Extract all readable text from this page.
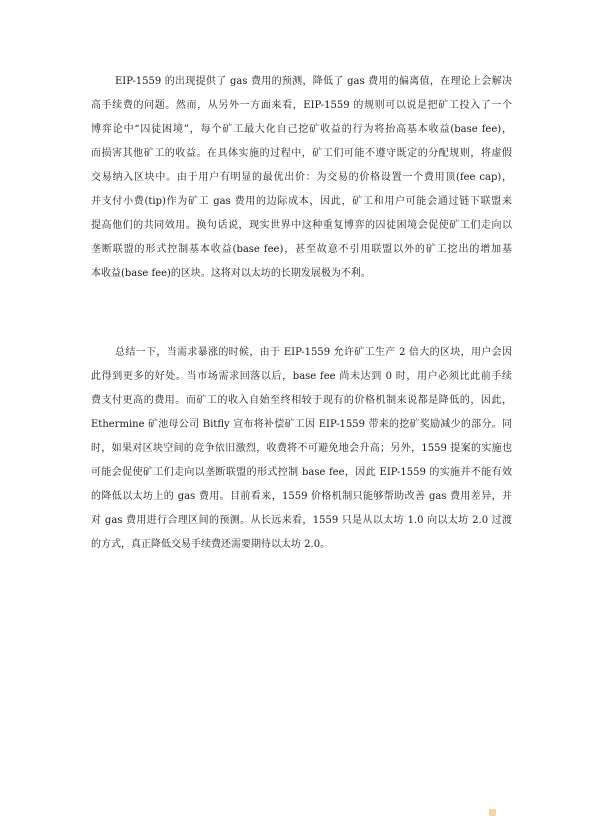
EIP-1559 的出现提供了 gas 费用的预测，降低了 gas 费用的偏离值，在理论上会解决
高手续费的问题。然而，从另外一方面来看，EIP-1559 的规则可以说是把矿工投入了一个
博弈论中“囚徒困境”，每个矿工最大化自己挖矿收益的行为将抬高基本收益(base fee)，
而损害其他矿工的收益。在具体实施的过程中，矿工们可能不遵守既定的分配规则，将虚假
交易纳入区块中。由于用户有明显的最优出价：为交易的价格设置一个费用顶(fee cap)，
并支付小费(tip)作为矿工 gas 费用的边际成本，因此，矿工和用户可能会通过链下联盟来
提高他们的共同效用。换句话说，现实世界中这种重复博弈的囚徒困境会促使矿工们走向以
垄断联盟的形式控制基本收益(base fee)，甚至故意不引用联盟以外的矿工挖出的增加基
本收益(base fee)的区块。这将对以太坊的长期发展极为不利。
总结一下，当需求暴涨的时候，由于 EIP-1559 允许矿工生产 2 倍大的区块，用户会因
此得到更多的好处。当市场需求回落以后，base fee 尚未达到 0 时，用户必须比此前手续
费支付更高的费用。而矿工的收入自始至终相较于现有的价格机制来说都是降低的，因此，
Ethermine 矿池母公司 Bitfly 宣布将补偿矿工因 EIP-1559 带来的挖矿奖励减少的部分。同
时，如果对区块空间的竞争依旧激烈，收费将不可避免地会升高；另外，1559 提案的实施也
可能会促使矿工们走向以垄断联盟的形式控制 base fee，因此 EIP-1559 的实施并不能有效
的降低以太坊上的 gas 费用。目前看来，1559 价格机制只能够帮助改善 gas 费用差异，并
对 gas 费用进行合理区间的预测。从长远来看，1559 只是从以太坊 1.0 向以太坊 2.0 过渡
的方式，真正降低交易手续费还需要期待以太坊 2.0。
